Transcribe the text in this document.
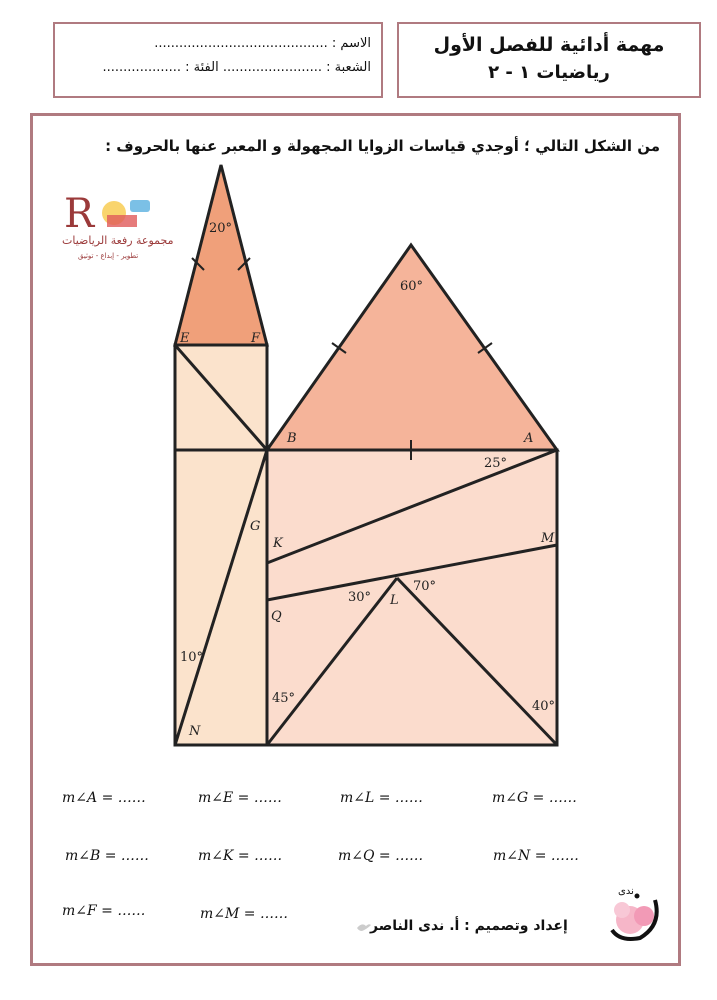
مهمة أدائية للفصل الأول
رياضيات ١ - ٢
الاسم : ..........................................
الشعبة : ........................ الفئة : ...................
من الشكل التالي ؛ أوجدي قياسات الزوايا المجهولة و المعبر عنها بالحروف :
R
مجموعة رفعة الرياضيات
تطوير - إبداع - توثيق
E	F
B	A
G
K	M
L
Q
N
20°
60°
25°
70°
30°
10°
45°
40°
m∠A = ……	m∠E = ……	m∠L = ……	m∠G = ……
m∠B = ……	m∠K = ……	m∠Q = ……	m∠N = ……
m∠F = ……	m∠M = ……
إعداد وتصميم : أ. ندى الناصر
ندى
